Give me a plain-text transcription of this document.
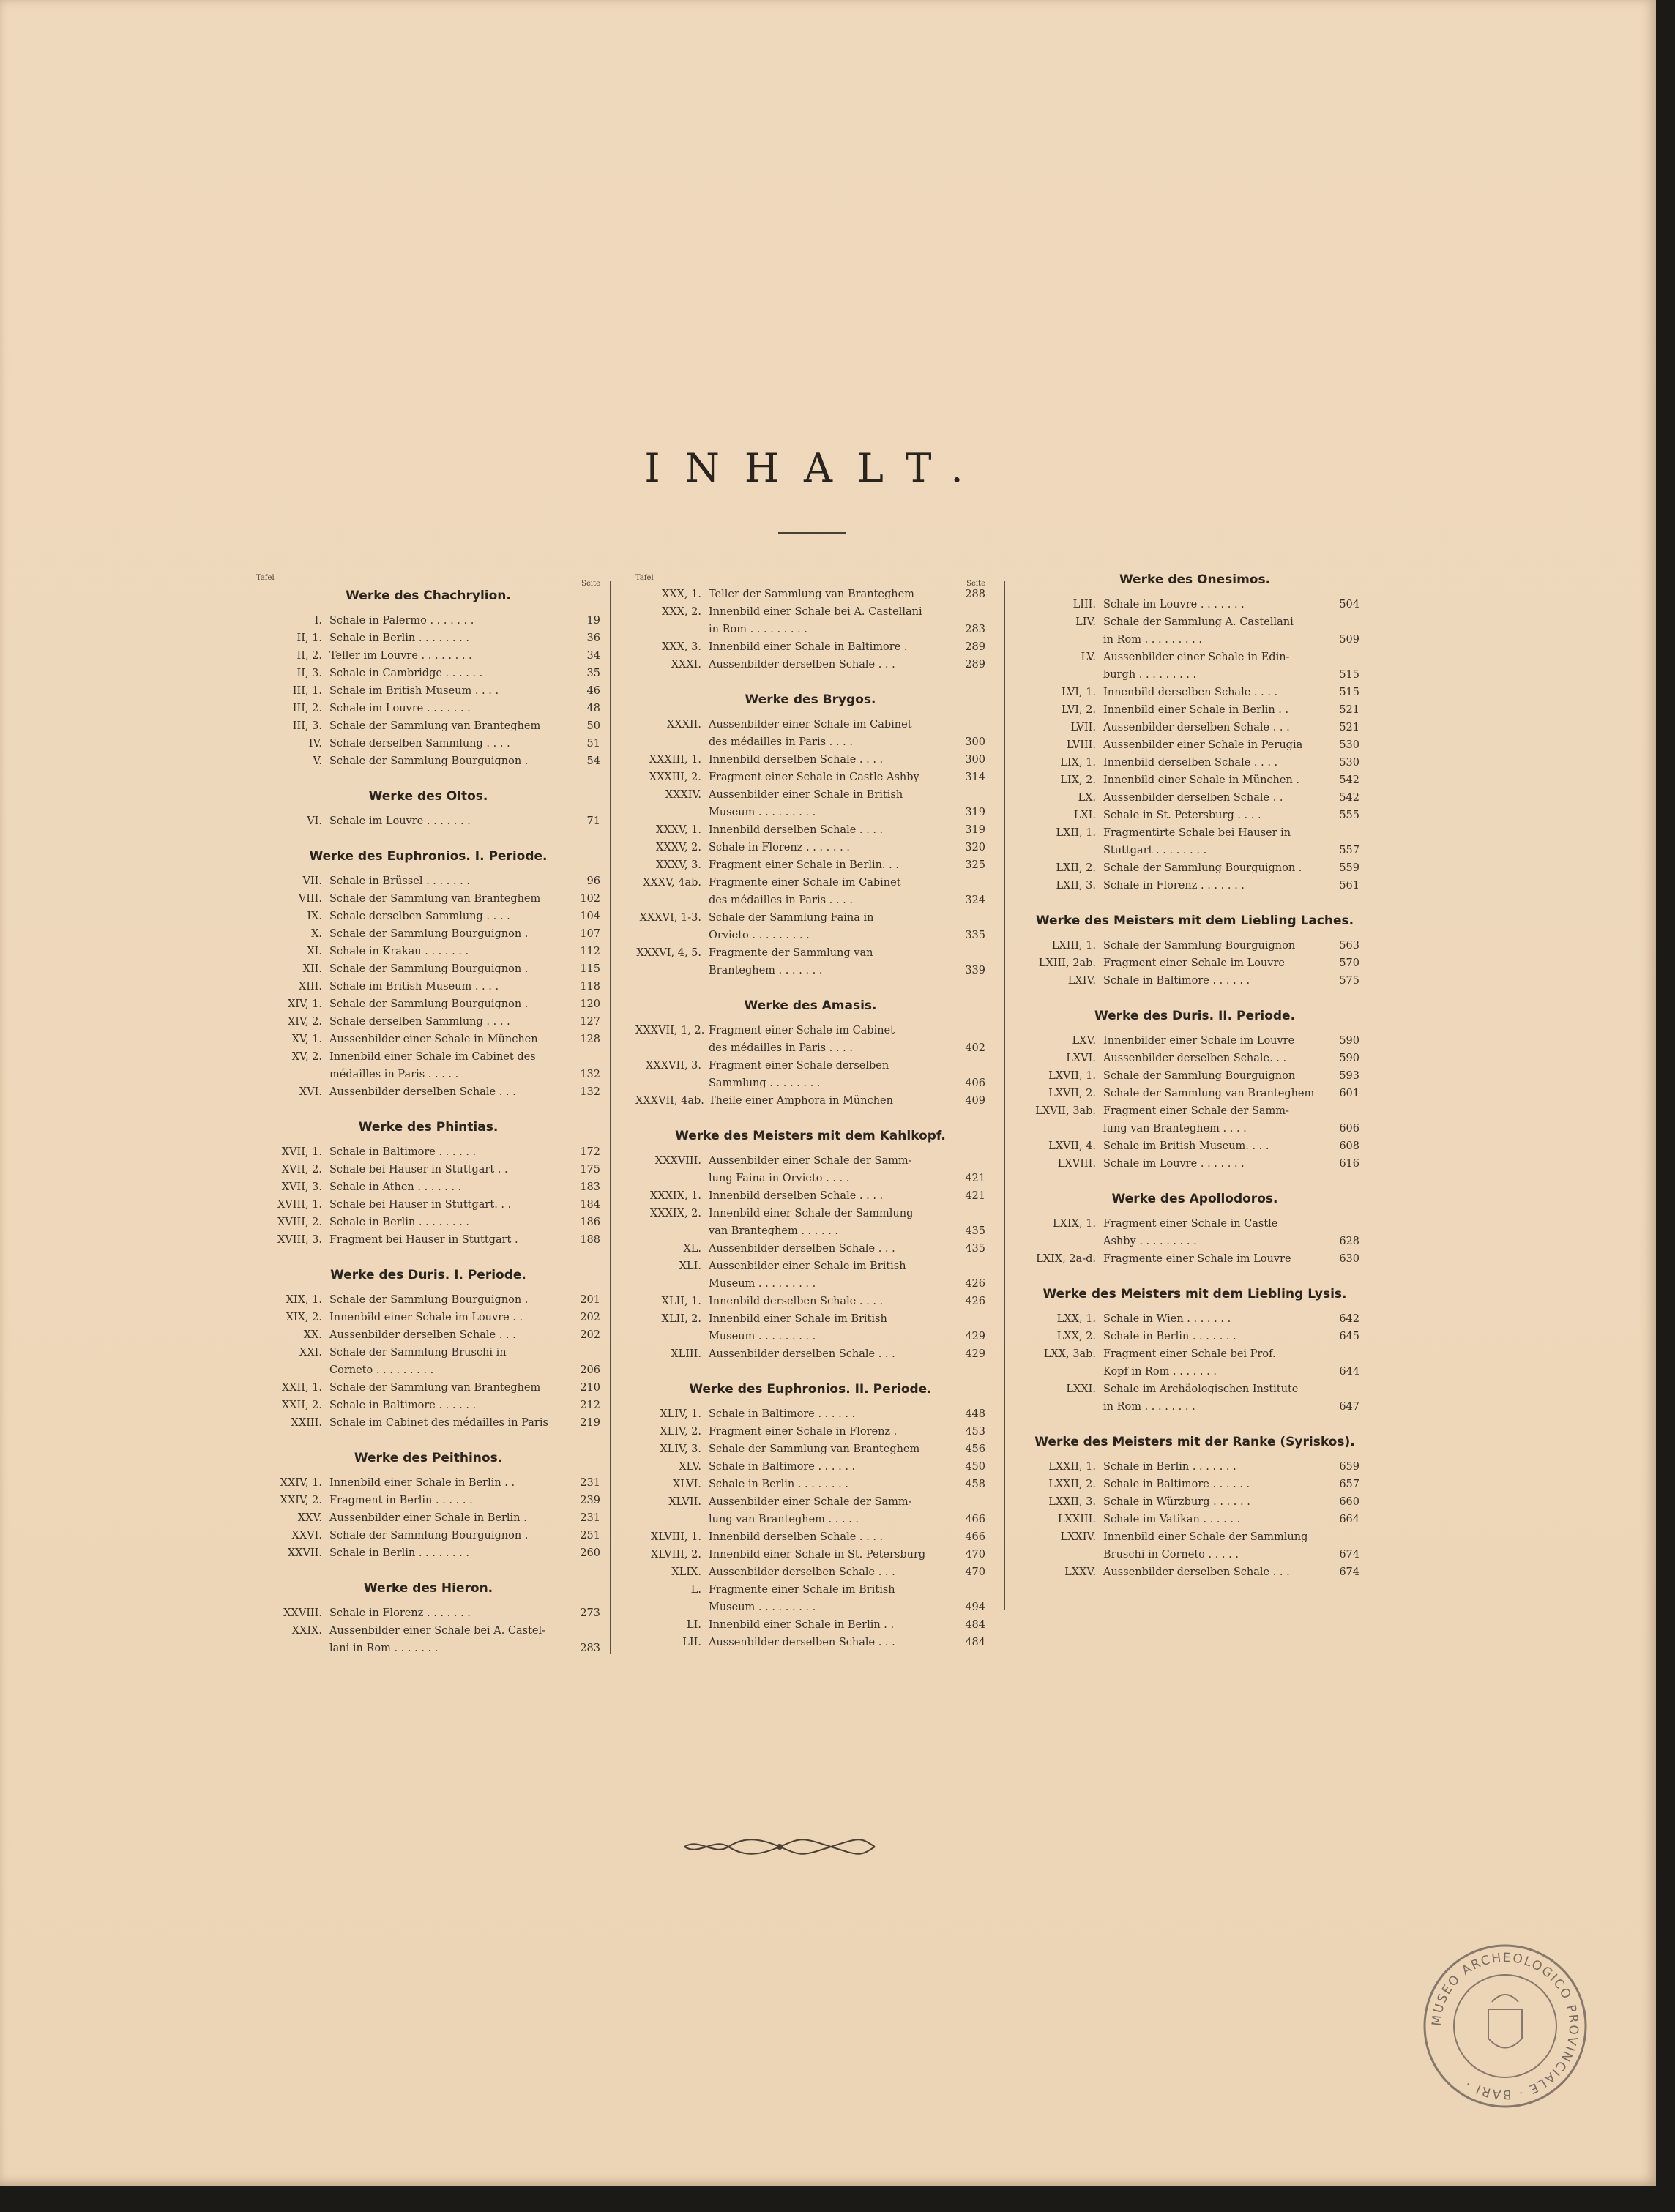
INHALT.
Tafel
Seite
Werke des Chachrylion.
I. Schale in Palermo . . . . . . .	19
II, 1. Schale in Berlin . . . . . . . .	36
II, 2. Teller im Louvre . . . . . . . .	34
II, 3. Schale in Cambridge . . . . . .	35
III, 1. Schale im British Museum . . . .	46
III, 2. Schale im Louvre . . . . . . .	48
III, 3. Schale der Sammlung van Branteghem	50
IV. Schale derselben Sammlung . . . .	51
V. Schale der Sammlung Bourguignon .	54
Werke des Oltos.
VI. Schale im Louvre . . . . . . .	71
Werke des Euphronios. I. Periode.
VII. Schale in Brüssel . . . . . . .	96
VIII. Schale der Sammlung van Branteghem	102
IX. Schale derselben Sammlung . . . .	104
X. Schale der Sammlung Bourguignon .	107
XI. Schale in Krakau . . . . . . .	112
XII. Schale der Sammlung Bourguignon .	115
XIII. Schale im British Museum . . . .	118
XIV, 1. Schale der Sammlung Bourguignon .	120
XIV, 2. Schale derselben Sammlung . . . .	127
XV, 1. Aussenbilder einer Schale in München	128
XV, 2. Innenbild einer Schale im Cabinet des
médailles in Paris . . . . .	132
XVI. Aussenbilder derselben Schale . . .	132
Werke des Phintias.
XVII, 1. Schale in Baltimore . . . . . .	172
XVII, 2. Schale bei Hauser in Stuttgart . .	175
XVII, 3. Schale in Athen . . . . . . .	183
XVIII, 1. Schale bei Hauser in Stuttgart. . .	184
XVIII, 2. Schale in Berlin . . . . . . . .	186
XVIII, 3. Fragment bei Hauser in Stuttgart .	188
Werke des Duris. I. Periode.
XIX, 1. Schale der Sammlung Bourguignon .	201
XIX, 2. Innenbild einer Schale im Louvre . .	202
XX. Aussenbilder derselben Schale . . .	202
XXI. Schale der Sammlung Bruschi in
Corneto . . . . . . . . .	206
XXII, 1. Schale der Sammlung van Branteghem	210
XXII, 2. Schale in Baltimore . . . . . .	212
XXIII. Schale im Cabinet des médailles in Paris	219
Werke des Peithinos.
XXIV, 1. Innenbild einer Schale in Berlin . .	231
XXIV, 2. Fragment in Berlin . . . . . .	239
XXV. Aussenbilder einer Schale in Berlin .	231
XXVI. Schale der Sammlung Bourguignon .	251
XXVII. Schale in Berlin . . . . . . . .	260
Werke des Hieron.
XXVIII. Schale in Florenz . . . . . . .	273
XXIX. Aussenbilder einer Schale bei A. Castel-
lani in Rom . . . . . . .	283
Tafel
Seite
XXX, 1. Teller der Sammlung van Branteghem	288
XXX, 2. Innenbild einer Schale bei A. Castellani
in Rom . . . . . . . . .	283
XXX, 3. Innenbild einer Schale in Baltimore .	289
XXXI. Aussenbilder derselben Schale . . .	289
Werke des Brygos.
XXXII. Aussenbilder einer Schale im Cabinet
des médailles in Paris . . . .	300
XXXIII, 1. Innenbild derselben Schale . . . .	300
XXXIII, 2. Fragment einer Schale in Castle Ashby	314
XXXIV. Aussenbilder einer Schale in British
Museum . . . . . . . . .	319
XXXV, 1. Innenbild derselben Schale . . . .	319
XXXV, 2. Schale in Florenz . . . . . . .	320
XXXV, 3. Fragment einer Schale in Berlin. . .	325
XXXV, 4ab. Fragmente einer Schale im Cabinet
des médailles in Paris . . . .	324
XXXVI, 1-3. Schale der Sammlung Faina in
Orvieto . . . . . . . . .	335
XXXVI, 4, 5. Fragmente der Sammlung van
Branteghem . . . . . . .	339
Werke des Amasis.
XXXVII, 1, 2. Fragment einer Schale im Cabinet
des médailles in Paris . . . .	402
XXXVII, 3. Fragment einer Schale derselben
Sammlung . . . . . . . .	406
XXXVII, 4ab. Theile einer Amphora in München	409
Werke des Meisters mit dem Kahlkopf.
XXXVIII. Aussenbilder einer Schale der Samm-
lung Faina in Orvieto . . . .	421
XXXIX, 1. Innenbild derselben Schale . . . .	421
XXXIX, 2. Innenbild einer Schale der Sammlung
van Branteghem . . . . . .	435
XL. Aussenbilder derselben Schale . . .	435
XLI. Aussenbilder einer Schale im British
Museum . . . . . . . . .	426
XLII, 1. Innenbild derselben Schale . . . .	426
XLII, 2. Innenbild einer Schale im British
Museum . . . . . . . . .	429
XLIII. Aussenbilder derselben Schale . . .	429
Werke des Euphronios. II. Periode.
XLIV, 1. Schale in Baltimore . . . . . .	448
XLIV, 2. Fragment einer Schale in Florenz .	453
XLIV, 3. Schale der Sammlung van Branteghem	456
XLV. Schale in Baltimore . . . . . .	450
XLVI. Schale in Berlin . . . . . . . .	458
XLVII. Aussenbilder einer Schale der Samm-
lung van Branteghem . . . . .	466
XLVIII, 1. Innenbild derselben Schale . . . .	466
XLVIII, 2. Innenbild einer Schale in St. Petersburg	470
XLIX. Aussenbilder derselben Schale . . .	470
L. Fragmente einer Schale im British
Museum . . . . . . . . .	494
LI. Innenbild einer Schale in Berlin . .	484
LII. Aussenbilder derselben Schale . . .	484
Werke des Onesimos.
LIII. Schale im Louvre . . . . . . .	504
LIV. Schale der Sammlung A. Castellani
in Rom . . . . . . . . .	509
LV. Aussenbilder einer Schale in Edin-
burgh . . . . . . . . .	515
LVI, 1. Innenbild derselben Schale . . . .	515
LVI, 2. Innenbild einer Schale in Berlin . .	521
LVII. Aussenbilder derselben Schale . . .	521
LVIII. Aussenbilder einer Schale in Perugia	530
LIX, 1. Innenbild derselben Schale . . . .	530
LIX, 2. Innenbild einer Schale in München .	542
LX. Aussenbilder derselben Schale . .	542
LXI. Schale in St. Petersburg . . . .	555
LXII, 1. Fragmentirte Schale bei Hauser in
Stuttgart . . . . . . . .	557
LXII, 2. Schale der Sammlung Bourguignon .	559
LXII, 3. Schale in Florenz . . . . . . .	561
Werke des Meisters mit dem Liebling Laches.
LXIII, 1. Schale der Sammlung Bourguignon	563
LXIII, 2ab. Fragment einer Schale im Louvre	570
LXIV. Schale in Baltimore . . . . . .	575
Werke des Duris. II. Periode.
LXV. Innenbilder einer Schale im Louvre	590
LXVI. Aussenbilder derselben Schale. . .	590
LXVII, 1. Schale der Sammlung Bourguignon	593
LXVII, 2. Schale der Sammlung van Branteghem	601
LXVII, 3ab. Fragment einer Schale der Samm-
lung van Branteghem . . . .	606
LXVII, 4. Schale im British Museum. . . .	608
LXVIII. Schale im Louvre . . . . . . .	616
Werke des Apollodoros.
LXIX, 1. Fragment einer Schale in Castle
Ashby . . . . . . . . .	628
LXIX, 2a-d. Fragmente einer Schale im Louvre	630
Werke des Meisters mit dem Liebling Lysis.
LXX, 1. Schale in Wien . . . . . . .	642
LXX, 2. Schale in Berlin . . . . . . .	645
LXX, 3ab. Fragment einer Schale bei Prof.
Kopf in Rom . . . . . . .	644
LXXI. Schale im Archäologischen Institute
in Rom . . . . . . . .	647
Werke des Meisters mit der Ranke (Syriskos).
LXXII, 1. Schale in Berlin . . . . . . .	659
LXXII, 2. Schale in Baltimore . . . . . .	657
LXXII, 3. Schale in Würzburg . . . . . .	660
LXXIII. Schale im Vatikan . . . . . .	664
LXXIV. Innenbild einer Schale der Sammlung
Bruschi in Corneto . . . . .	674
LXXV. Aussenbilder derselben Schale . . .	674
MUSEO ARCHEOLOGICO PROVINCIALE · BARI ·
